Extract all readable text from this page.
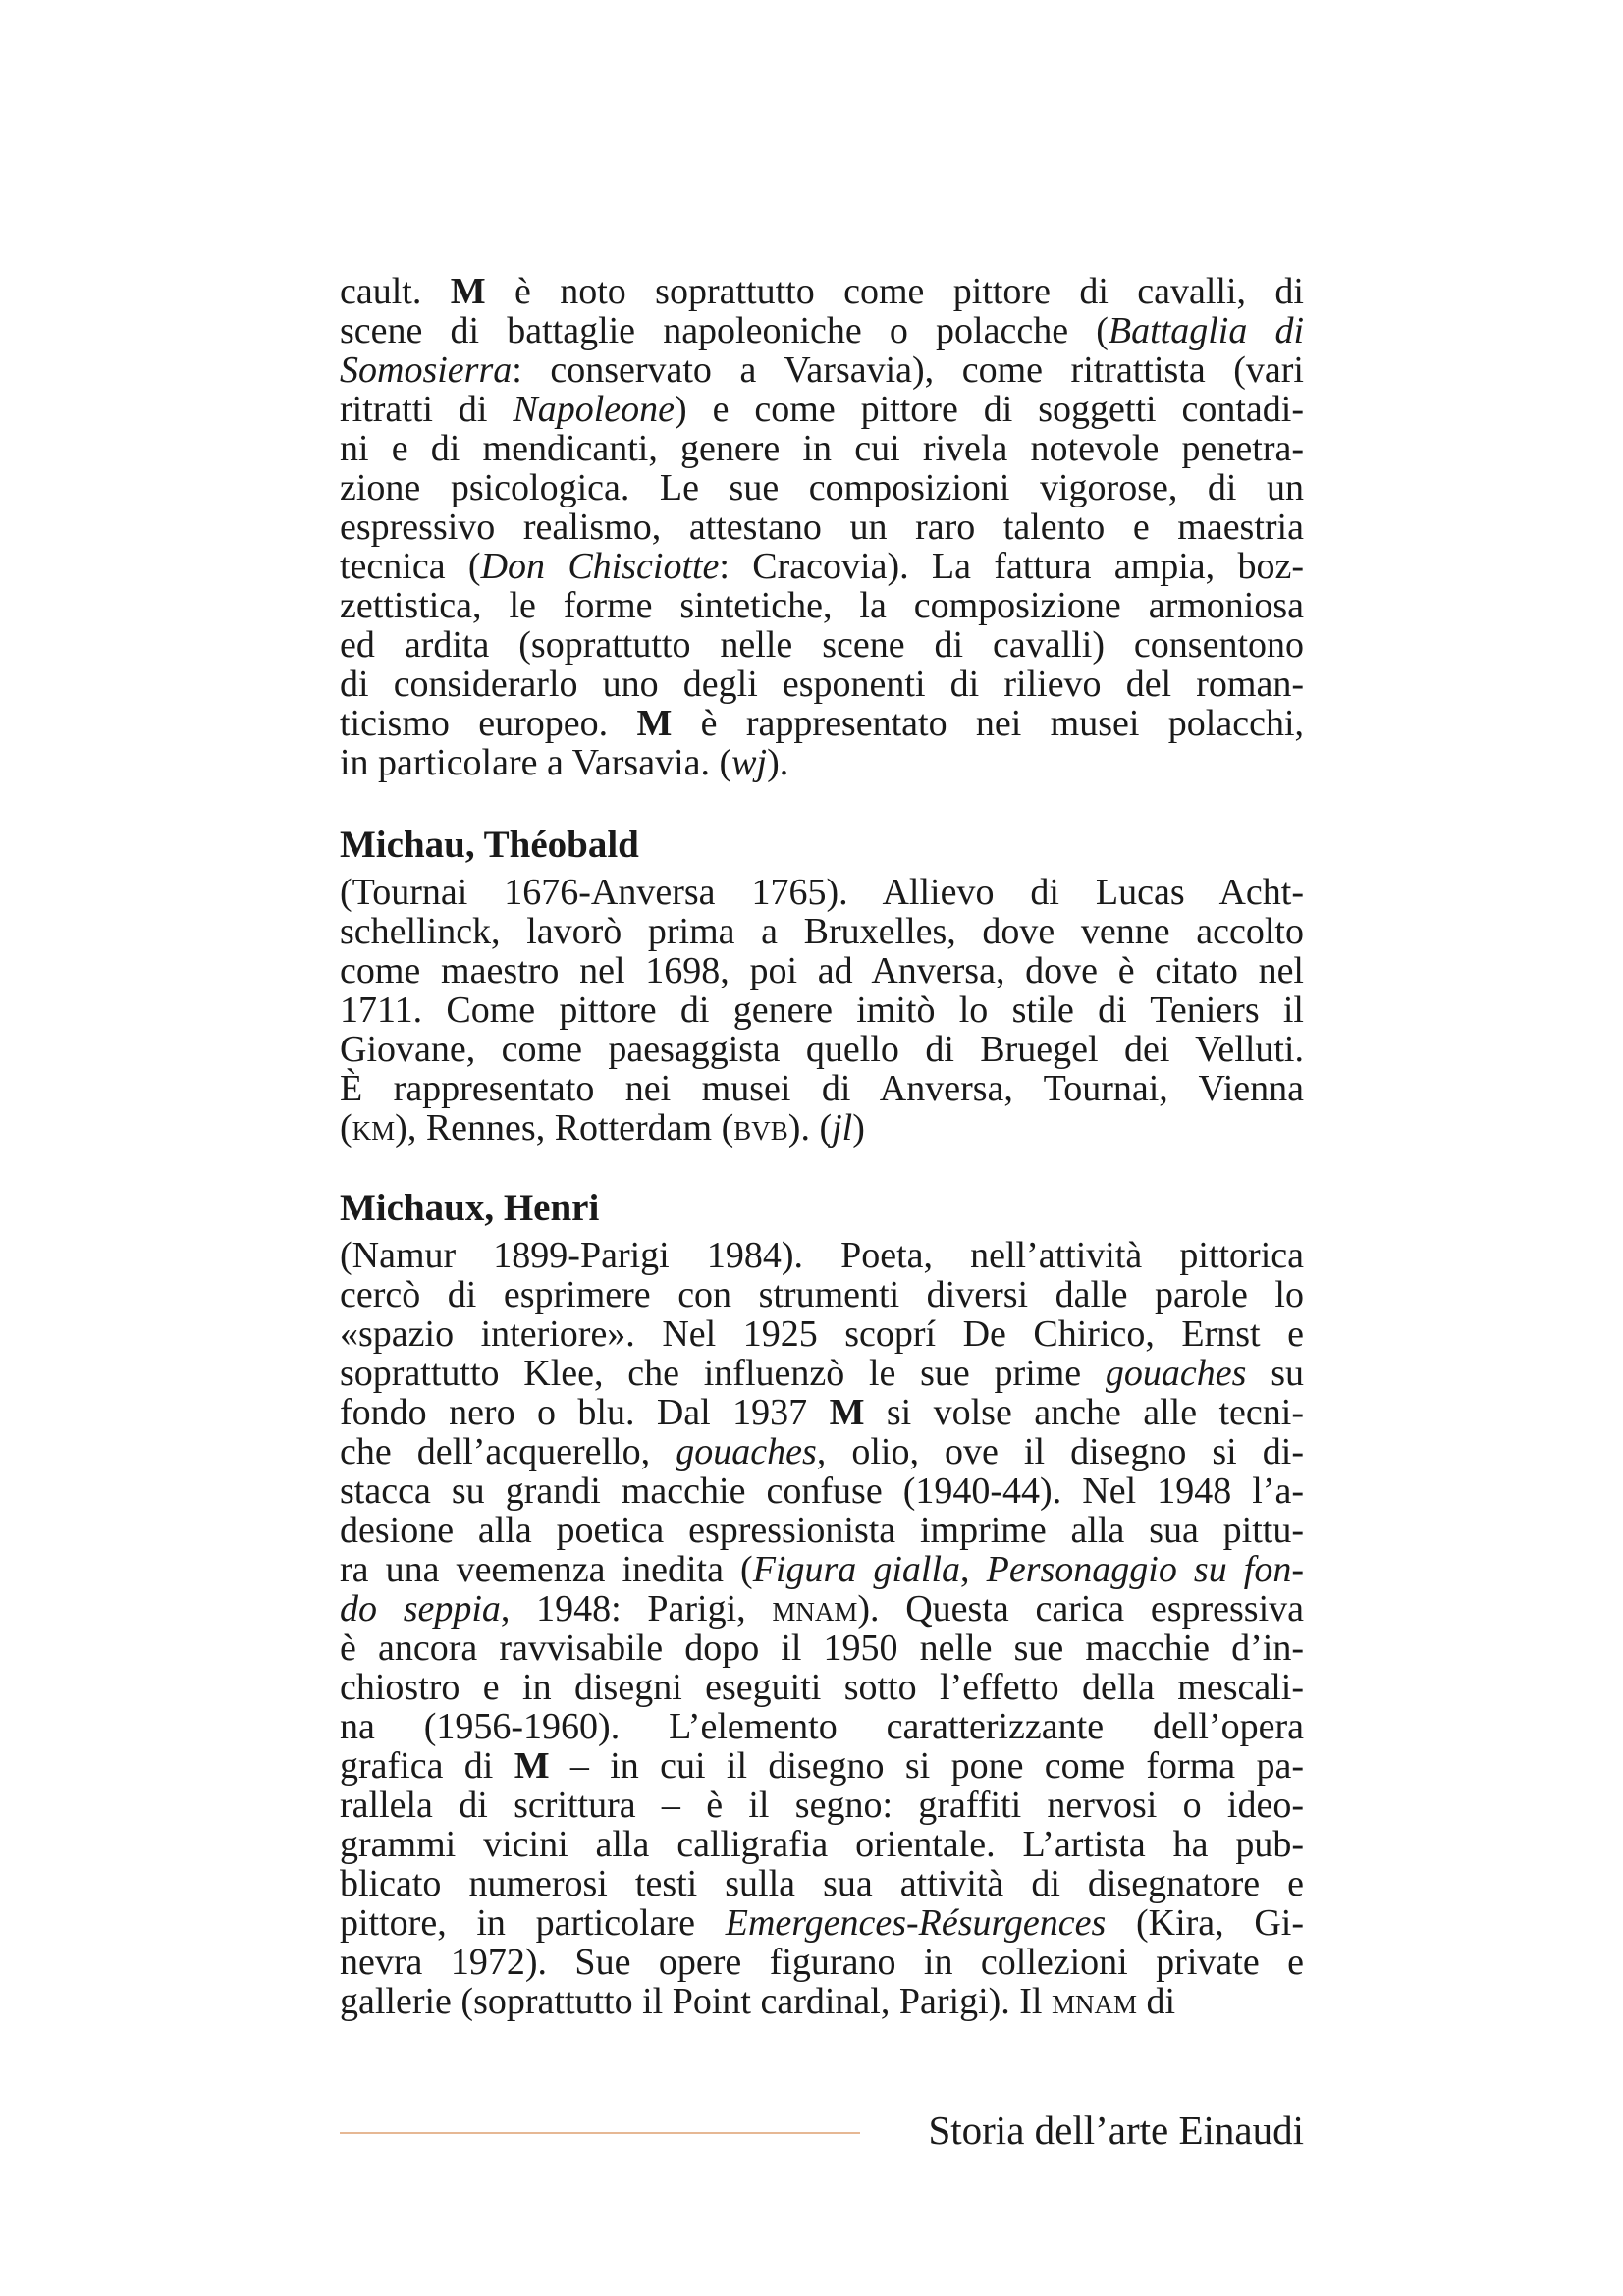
cault. M è noto soprattutto come pittore di cavalli, di
scene di battaglie napoleoniche o polacche (Battaglia di
Somosierra: conservato a Varsavia), come ritrattista (vari
ritratti di Napoleone) e come pittore di soggetti contadi-
ni e di mendicanti, genere in cui rivela notevole penetra-
zione psicologica. Le sue composizioni vigorose, di un
espressivo realismo, attestano un raro talento e maestria
tecnica (Don Chisciotte: Cracovia). La fattura ampia, boz-
zettistica, le forme sintetiche, la composizione armoniosa
ed ardita (soprattutto nelle scene di cavalli) consentono
di considerarlo uno degli esponenti di rilievo del roman-
ticismo europeo. M è rappresentato nei musei polacchi,
in particolare a Varsavia. (wj).
Michau, Théobald
(Tournai 1676-Anversa 1765). Allievo di Lucas Acht-
schellinck, lavorò prima a Bruxelles, dove venne accolto
come maestro nel 1698, poi ad Anversa, dove è citato nel
1711. Come pittore di genere imitò lo stile di Teniers il
Giovane, come paesaggista quello di Bruegel dei Velluti.
È rappresentato nei musei di Anversa, Tournai, Vienna
(km), Rennes, Rotterdam (bvb). (jl)
Michaux, Henri
(Namur 1899-Parigi 1984). Poeta, nell’attività pittorica
cercò di esprimere con strumenti diversi dalle parole lo
«spazio interiore». Nel 1925 scoprí De Chirico, Ernst e
soprattutto Klee, che influenzò le sue prime gouaches su
fondo nero o blu. Dal 1937 M si volse anche alle tecni-
che dell’acquerello, gouaches, olio, ove il disegno si di-
stacca su grandi macchie confuse (1940-44). Nel 1948 l’a-
desione alla poetica espressionista imprime alla sua pittu-
ra una veemenza inedita (Figura gialla, Personaggio su fon-
do seppia, 1948: Parigi, mnam). Questa carica espressiva
è ancora ravvisabile dopo il 1950 nelle sue macchie d’in-
chiostro e in disegni eseguiti sotto l’effetto della mescali-
na (1956-1960). L’elemento caratterizzante dell’opera
grafica di M – in cui il disegno si pone come forma pa-
rallela di scrittura – è il segno: graffiti nervosi o ideo-
grammi vicini alla calligrafia orientale. L’artista ha pub-
blicato numerosi testi sulla sua attività di disegnatore e
pittore, in particolare Emergences-Résurgences (Kira, Gi-
nevra 1972). Sue opere figurano in collezioni private e
gallerie (soprattutto il Point cardinal, Parigi). Il mnam di
Storia dell’arte Einaudi
